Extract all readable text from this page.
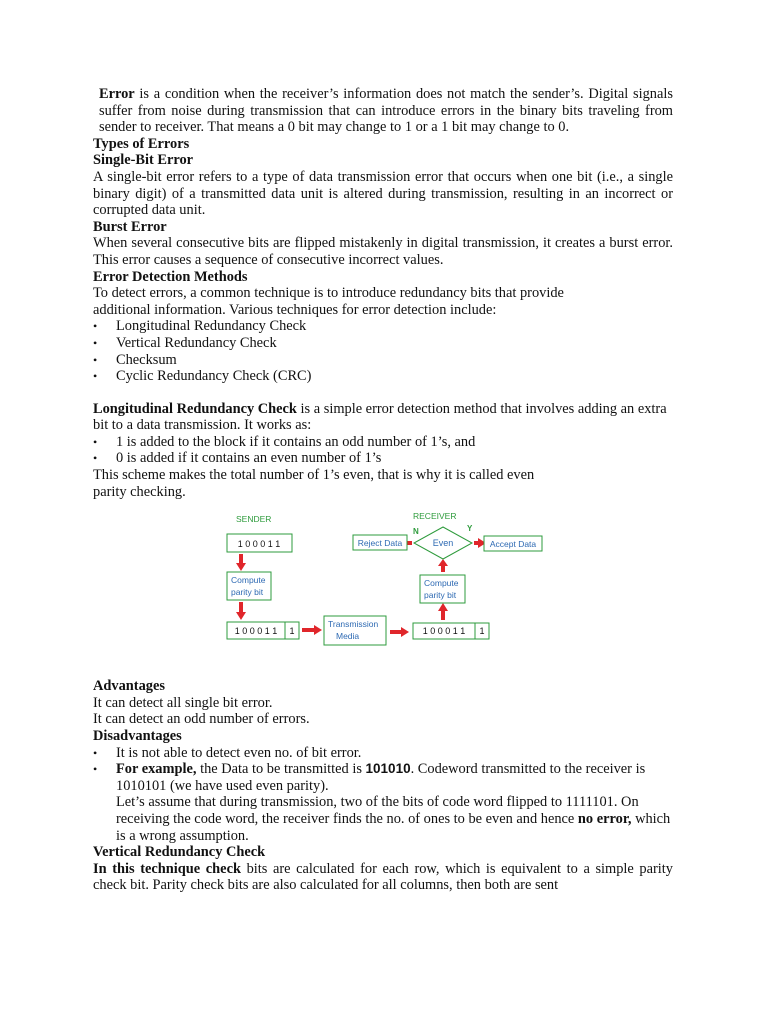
Error is a condition when the receiver’s information does not match the sender’s. Digital signals suffer from noise during transmission that can introduce errors in the binary bits traveling from sender to receiver. That means a 0 bit may change to 1 or a 1 bit may change to 0.

Types of Errors

Single-Bit Error

A single-bit error refers to a type of data transmission error that occurs when one bit (i.e., a single binary digit) of a transmitted data unit is altered during transmission, resulting in an incorrect or corrupted data unit.

Burst Error

When several consecutive bits are flipped mistakenly in digital transmission, it creates a burst error. This error causes a sequence of consecutive incorrect values.

Error Detection Methods

To detect errors, a common technique is to introduce redundancy bits that provide

additional information. Various techniques for error detection include:

• Longitudinal Redundancy Check
• Vertical Redundancy Check
• Checksum
• Cyclic Redundancy Check (CRC)

Longitudinal Redundancy Check is a simple error detection method that involves adding an extra bit to a data transmission. It works as:

• 1 is added to the block if it contains an odd number of 1’s, and
• 0 is added if it contains an even number of 1’s

This scheme makes the total number of 1’s even, that is why it is called even

parity checking.

SENDER	RECEIVER
1 0 0 0 1 1
Compute
parity bit
1 0 0 0 1 1 1
Transmission
Media	1 0 0 0 1 1 1
Compute
parity bit
Even
N	Y
Reject Data	Accept Data

Advantages

It can detect all single bit error.

It can detect an odd number of errors.

Disadvantages

• It is not able to detect even no. of bit error.
• For example, the Data to be transmitted is 101010. Codeword transmitted to the receiver is 1010101 (we have used even parity).
Let’s assume that during transmission, two of the bits of code word flipped to 1111101. On receiving the code word, the receiver finds the no. of ones to be even and hence no error, which is a wrong assumption.

Vertical Redundancy Check

In this technique check bits are calculated for each row, which is equivalent to a simple parity check bit. Parity check bits are also calculated for all columns, then both are sent
